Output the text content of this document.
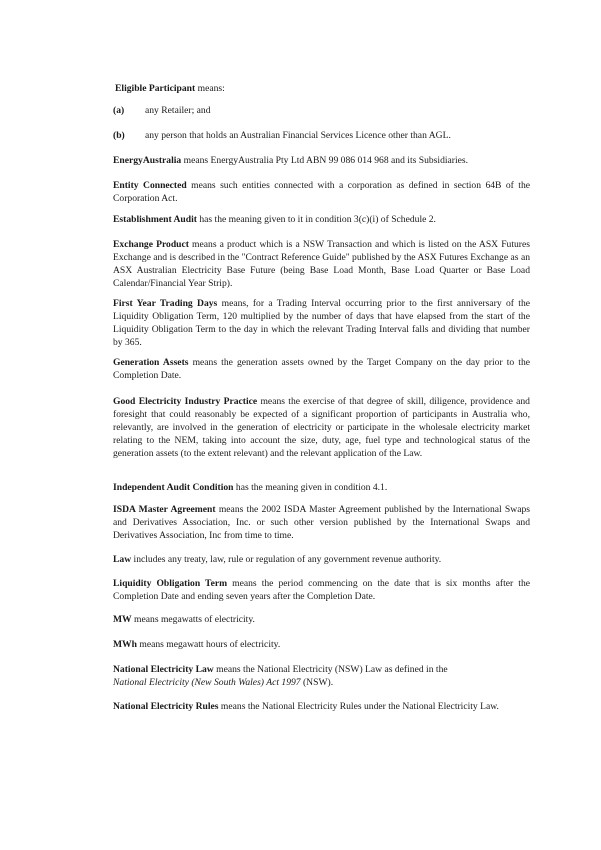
Eligible Participant means:

(a) any Retailer; and
(b) any person that holds an Australian Financial Services Licence other than AGL.

EnergyAustralia means EnergyAustralia Pty Ltd ABN 99 086 014 968 and its Subsidiaries.

Entity Connected means such entities connected with a corporation as defined in section 64B of the Corporation Act.

Establishment Audit has the meaning given to it in condition 3(c)(i) of Schedule 2.

Exchange Product means a product which is a NSW Transaction and which is listed on the ASX Futures Exchange and is described in the "Contract Reference Guide" published by the ASX Futures Exchange as an ASX Australian Electricity Base Future (being Base Load Month, Base Load Quarter or Base Load Calendar/Financial Year Strip).

First Year Trading Days means, for a Trading Interval occurring prior to the first anniversary of the Liquidity Obligation Term, 120 multiplied by the number of days that have elapsed from the start of the Liquidity Obligation Term to the day in which the relevant Trading Interval falls and dividing that number by 365.

Generation Assets means the generation assets owned by the Target Company on the day prior to the Completion Date.

Good Electricity Industry Practice means the exercise of that degree of skill, diligence, providence and foresight that could reasonably be expected of a significant proportion of participants in Australia who, relevantly, are involved in the generation of electricity or participate in the wholesale electricity market relating to the NEM, taking into account the size, duty, age, fuel type and technological status of the generation assets (to the extent relevant) and the relevant application of the Law.

Independent Audit Condition has the meaning given in condition 4.1.

ISDA Master Agreement means the 2002 ISDA Master Agreement published by the International Swaps and Derivatives Association, Inc. or such other version published by the International Swaps and Derivatives Association, Inc from time to time.

Law includes any treaty, law, rule or regulation of any government revenue authority.

Liquidity Obligation Term means the period commencing on the date that is six months after the Completion Date and ending seven years after the Completion Date.

MW means megawatts of electricity.

MWh means megawatt hours of electricity.

National Electricity Law means the National Electricity (NSW) Law as defined in the
National Electricity (New South Wales) Act 1997 (NSW).

National Electricity Rules means the National Electricity Rules under the National Electricity Law.
